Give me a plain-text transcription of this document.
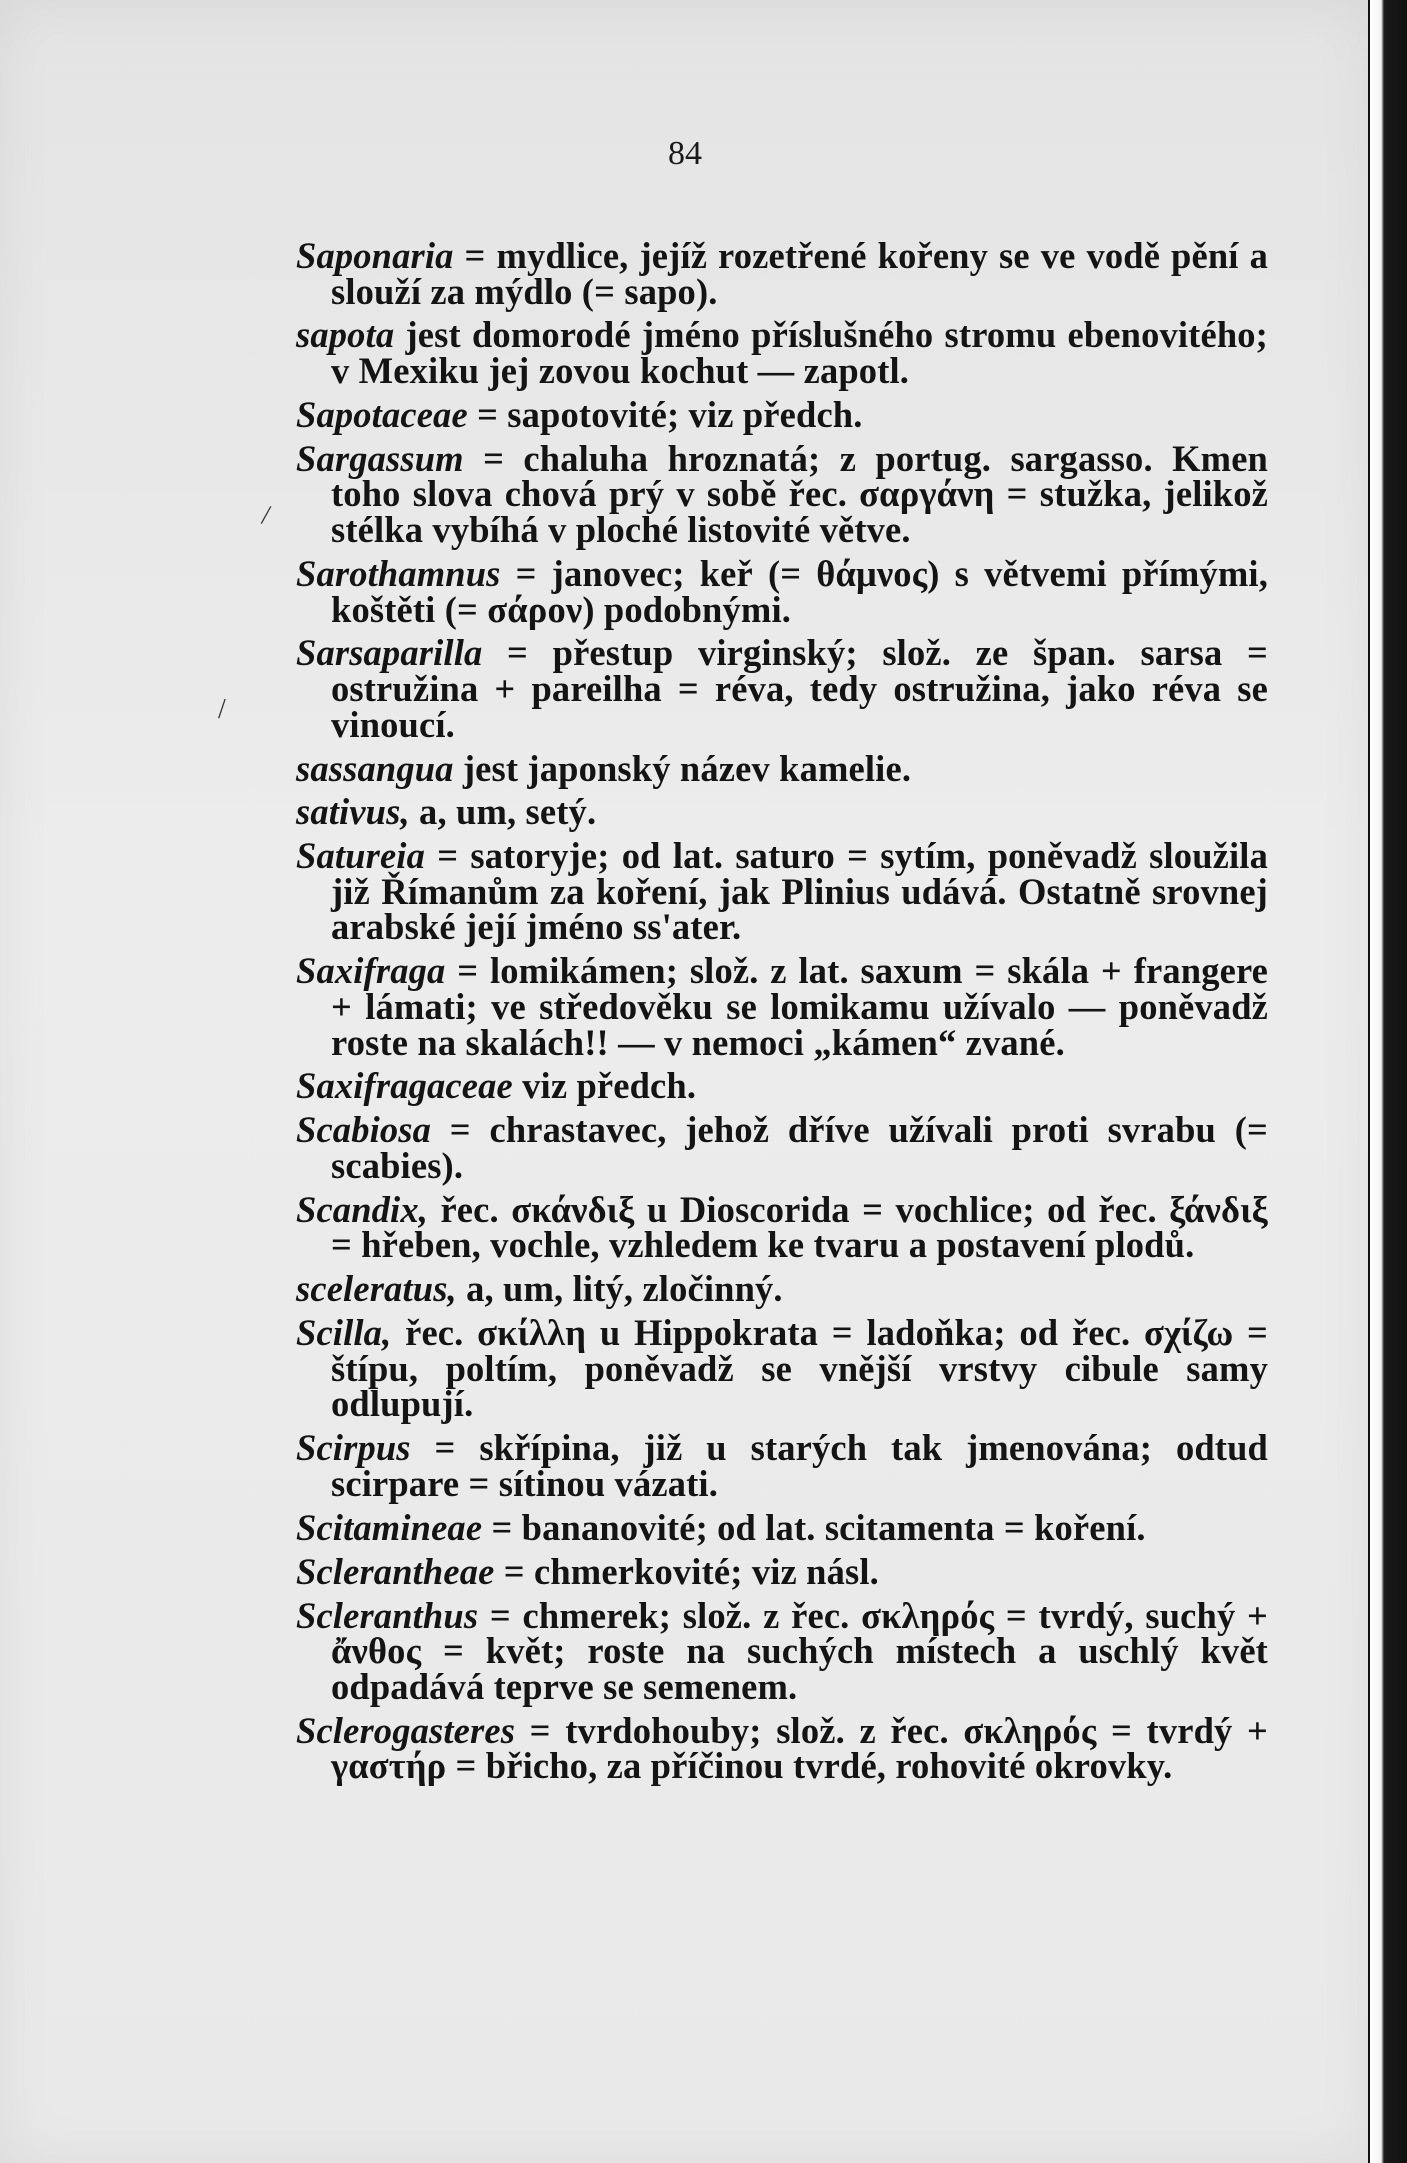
84
/
/

Saponaria = mydlice, jejíž rozetřené kořeny se ve vodě pění a slouží za mýdlo (= sapo).

sapota jest domorodé jméno příslušného stromu ebenovitého; v Mexiku jej zovou kochut — zapotl.

Sapotaceae = sapotovité; viz předch.

Sargassum = chaluha hroznatá; z portug. sargasso. Kmen toho slova chová prý v sobě řec. σαργάνη = stužka, jelikož stélka vybíhá v ploché listovité větve.

Sarothamnus = janovec; keř (= θάμνος) s větvemi přímými, koštěti (= σάρον) podobnými.

Sarsaparilla = přestup virginský; slož. ze špan. sarsa = ostružina + pareilha = réva, tedy ostružina, jako réva se vinoucí.

sassangua jest japonský název kamelie.

sativus, a, um, setý.

Satureia = satoryje; od lat. saturo = sytím, poněvadž sloužila již Římanům za koření, jak Plinius udává. Ostatně srovnej arabské její jméno ss'ater.

Saxifraga = lomikámen; slož. z lat. saxum = skála + frangere + lámati; ve středověku se lomikamu užívalo — poněvadž roste na skalách!! — v nemoci „kámen“ zvané.

Saxifragaceae viz předch.

Scabiosa = chrastavec, jehož dříve užívali proti svrabu (= scabies).

Scandix, řec. σκάνδιξ u Dioscorida = vochlice; od řec. ξάνδιξ = hřeben, vochle, vzhledem ke tvaru a postavení plodů.

sceleratus, a, um, litý, zločinný.

Scilla, řec. σκίλλη u Hippokrata = ladoňka; od řec. σχίζω = štípu, poltím, poněvadž se vnější vrstvy cibule samy odlupují.

Scirpus = skřípina, již u starých tak jmenována; odtud scirpare = sítinou vázati.

Scitamineae = bananovité; od lat. scitamenta = koření.

Scleranthеae = chmerkovité; viz násl.

Scleranthus = chmerek; slož. z řec. σκληρός = tvrdý, suchý + ἄνθος = květ; roste na suchých místech a uschlý květ odpadává teprve se semenem.

Sclerogasteres = tvrdohouby; slož. z řec. σκληρός = tvrdý + γαστήρ = břicho, za příčinou tvrdé, rohovité okrovky.
